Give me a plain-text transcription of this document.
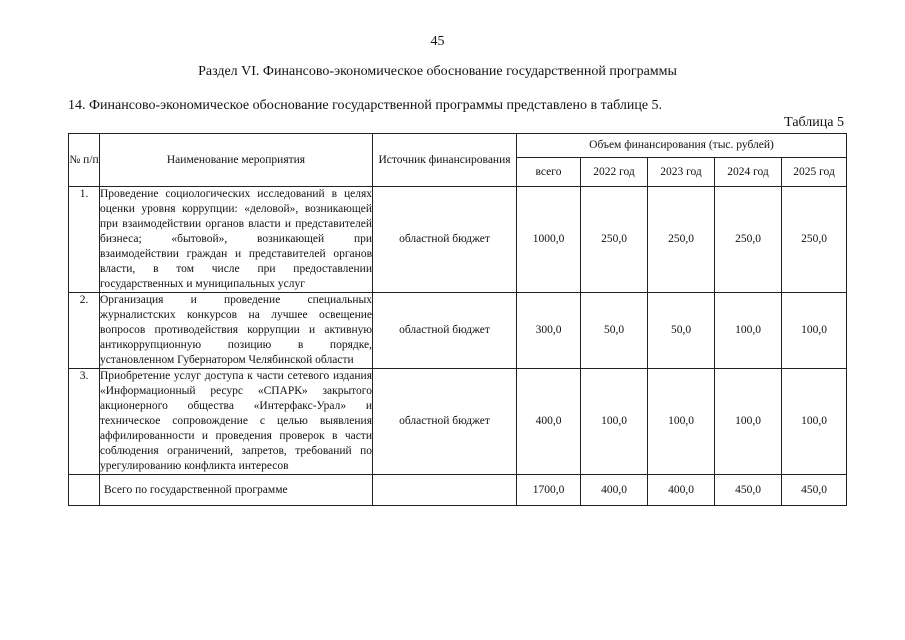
45
Раздел VI. Финансово-экономическое обоснование государственной программы
14. Финансово-экономическое обоснование государственной программы представлено в таблице 5.
Таблица 5
№ п/п	Наименование мероприятия	Источник финансирования	Объем финансирования (тыс. рублей)				
			всего	2022 год	2023 год	2024 год	2025 год
1.	Проведение социологических исследований в целях оценки уровня коррупции: «деловой», возникающей при взаимодействии органов власти и представителей бизнеса; «бытовой», возникающей при взаимодействии граждан и представителей органов власти, в том числе при предоставлении государственных и муниципальных услуг	областной бюджет	1000,0	250,0	250,0	250,0	250,0
2.	Организация и проведение специальных журналистских конкурсов на лучшее освещение вопросов противодействия коррупции и активную антикоррупционную позицию в порядке, установленном Губернатором Челябинской области	областной бюджет	300,0	50,0	50,0	100,0	100,0
3.	Приобретение услуг доступа к части сетевого издания «Информационный ресурс «СПАРК» закрытого акционерного общества «Интерфакс-Урал» и техническое сопровождение с целью выявления аффилированности и проведения проверок в части соблюдения ограничений, запретов, требований по урегулированию конфликта интересов	областной бюджет	400,0	100,0	100,0	100,0	100,0
	Всего по государственной программе		1700,0	400,0	400,0	450,0	450,0
